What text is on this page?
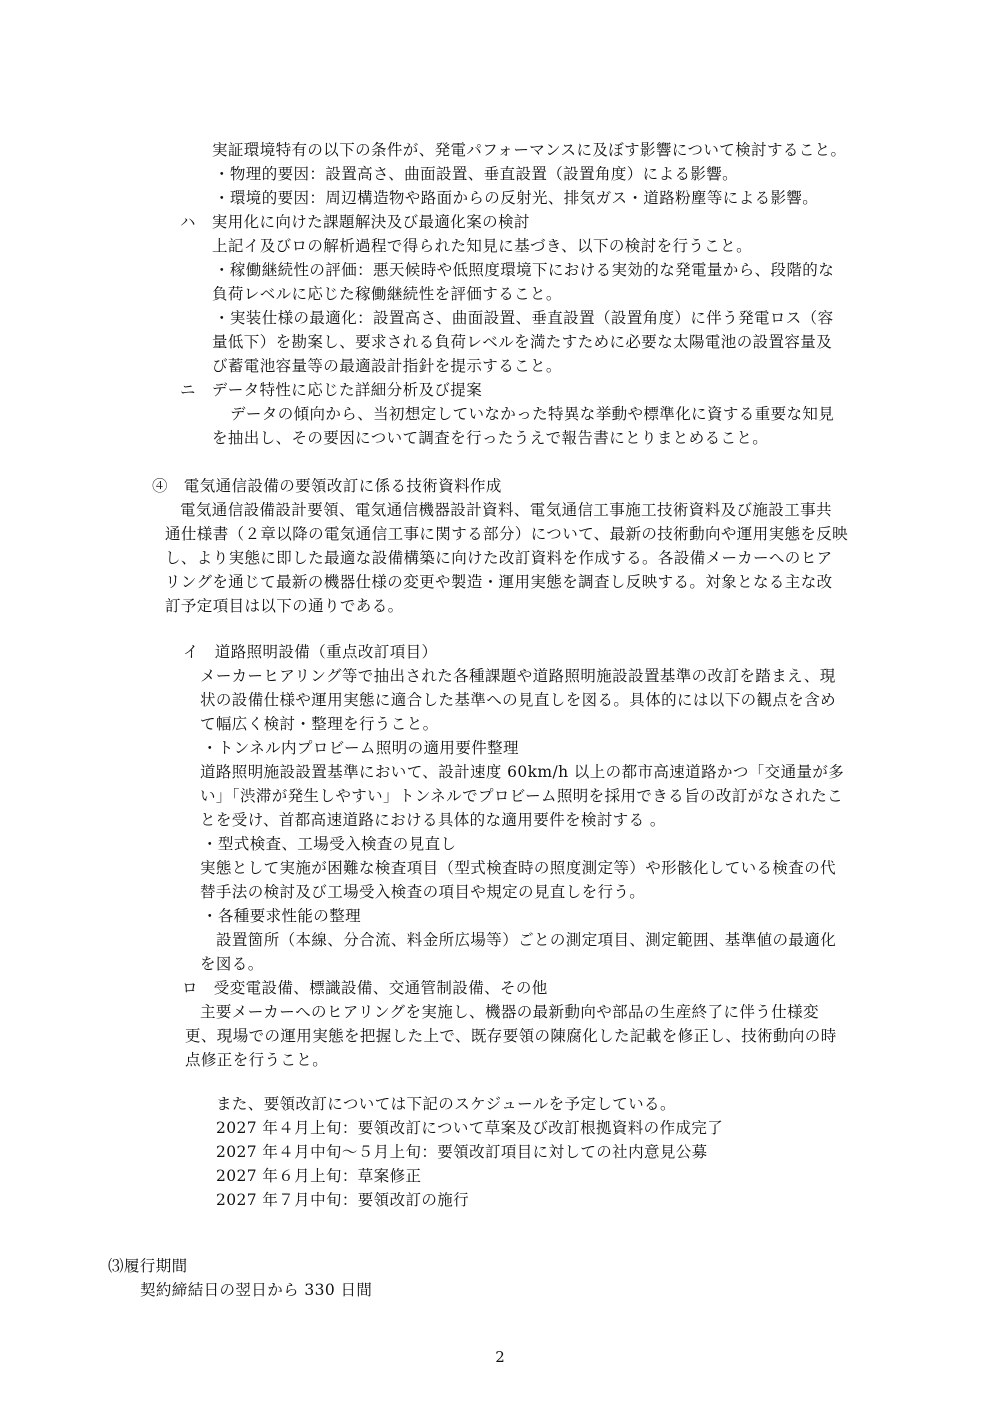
実証環境特有の以下の条件が、発電パフォーマンスに及ぼす影響について検討すること。
・物理的要因：設置高さ、曲面設置、垂直設置（設置角度）による影響。
・環境的要因：周辺構造物や路面からの反射光、排気ガス・道路粉塵等による影響。
ハ　実用化に向けた課題解決及び最適化案の検討
上記イ及びロの解析過程で得られた知見に基づき、以下の検討を行うこと。
・稼働継続性の評価：悪天候時や低照度環境下における実効的な発電量から、段階的な
負荷レベルに応じた稼働継続性を評価すること。
・実装仕様の最適化：設置高さ、曲面設置、垂直設置（設置角度）に伴う発電ロス（容
量低下）を勘案し、要求される負荷レベルを満たすために必要な太陽電池の設置容量及
び蓄電池容量等の最適設計指針を提示すること。
ニ　データ特性に応じた詳細分析及び提案
データの傾向から、当初想定していなかった特異な挙動や標準化に資する重要な知見
を抽出し、その要因について調査を行ったうえで報告書にとりまとめること。
④　電気通信設備の要領改訂に係る技術資料作成
電気通信設備設計要領、電気通信機器設計資料、電気通信工事施工技術資料及び施設工事共
通仕様書（２章以降の電気通信工事に関する部分）について、最新の技術動向や運用実態を反映
し、より実態に即した最適な設備構築に向けた改訂資料を作成する。各設備メーカーへのヒア
リングを通じて最新の機器仕様の変更や製造・運用実態を調査し反映する。対象となる主な改
訂予定項目は以下の通りである。
イ　道路照明設備（重点改訂項目）
メーカーヒアリング等で抽出された各種課題や道路照明施設設置基準の改訂を踏まえ、現
状の設備仕様や運用実態に適合した基準への見直しを図る。具体的には以下の観点を含め
て幅広く検討・整理を行うこと。
・トンネル内プロビーム照明の適用要件整理
道路照明施設設置基準において、設計速度 60km/h 以上の都市高速道路かつ「交通量が多
い」「渋滞が発生しやすい」トンネルでプロビーム照明を採用できる旨の改訂がなされたこ
とを受け、首都高速道路における具体的な適用要件を検討する 。
・型式検査、工場受入検査の見直し
実態として実施が困難な検査項目（型式検査時の照度測定等）や形骸化している検査の代
替手法の検討及び工場受入検査の項目や規定の見直しを行う。
・各種要求性能の整理
設置箇所（本線、分合流、料金所広場等）ごとの測定項目、測定範囲、基準値の最適化
を図る。
ロ　受変電設備、標識設備、交通管制設備、その他
主要メーカーへのヒアリングを実施し、機器の最新動向や部品の生産終了に伴う仕様変
更、現場での運用実態を把握した上で、既存要領の陳腐化した記載を修正し、技術動向の時
点修正を行うこと。
また、要領改訂については下記のスケジュールを予定している。
2027 年４月上旬：要領改訂について草案及び改訂根拠資料の作成完了
2027 年４月中旬～５月上旬：要領改訂項目に対しての社内意見公募
2027 年６月上旬：草案修正
2027 年７月中旬：要領改訂の施行
⑶履行期間
契約締結日の翌日から 330 日間
2
